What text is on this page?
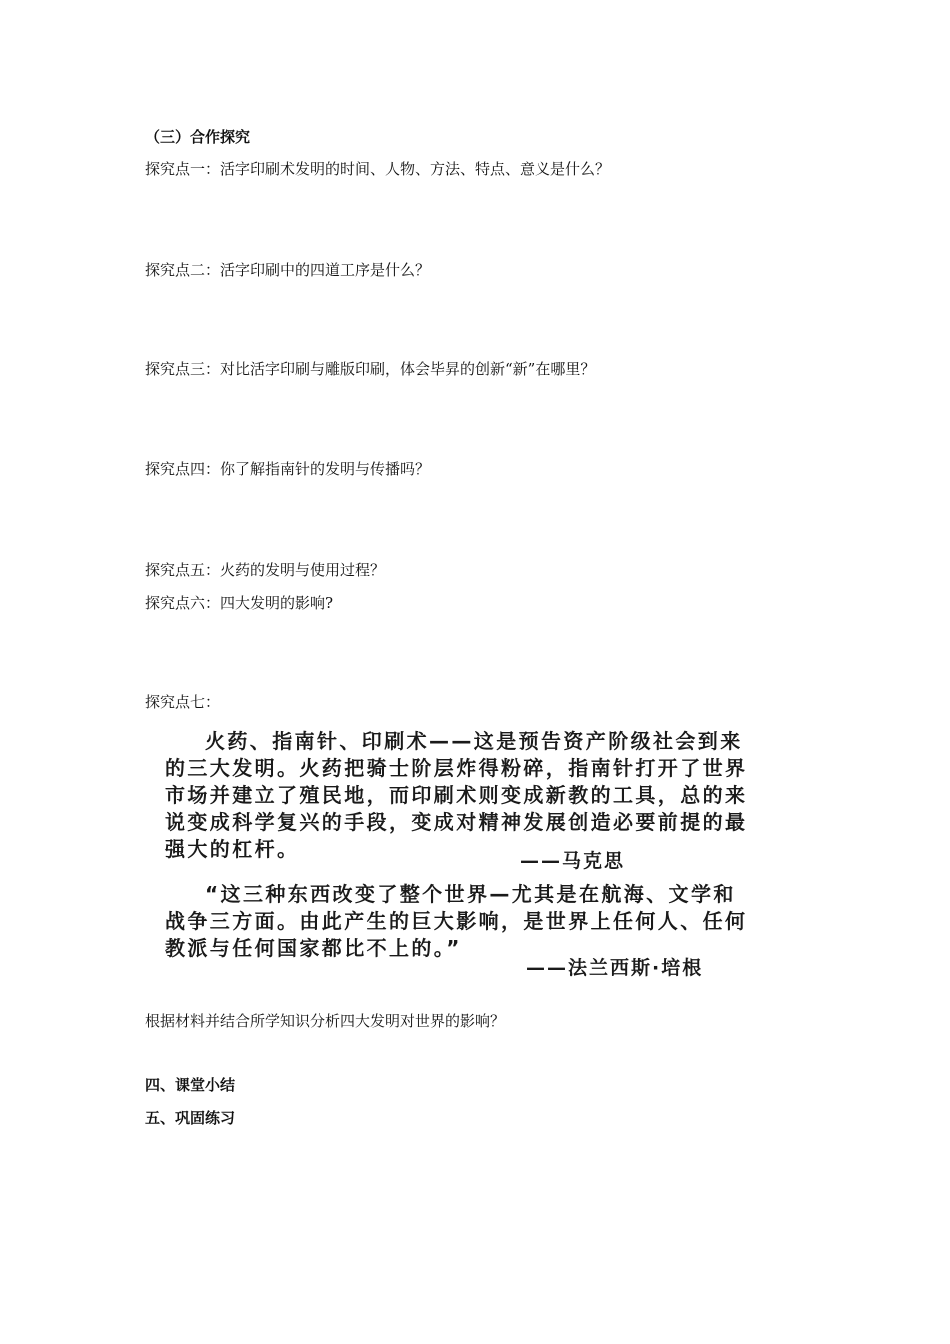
（三）合作探究
探究点一：活字印刷术发明的时间、人物、方法、特点、意义是什么？
探究点二：活字印刷中的四道工序是什么？
探究点三：对比活字印刷与雕版印刷，体会毕昇的创新“新”在哪里？
探究点四：你了解指南针的发明与传播吗？
探究点五：火药的发明与使用过程？
探究点六：四大发明的影响?
探究点七：
火药、指南针、印刷术——这是预告资产阶级社会到来
的三大发明。火药把骑士阶层炸得粉碎，指南针打开了世界
市场并建立了殖民地，而印刷术则变成新教的工具，总的来
说变成科学复兴的手段，变成对精神发展创造必要前提的最
强大的杠杆。	——马克思
“这三种东西改变了整个世界—尤其是在航海、文学和
战争三方面。由此产生的巨大影响，是世界上任何人、任何
教派与任何国家都比不上的。”
——法兰西斯·培根
根据材料并结合所学知识分析四大发明对世界的影响？
四、课堂小结
五、巩固练习
